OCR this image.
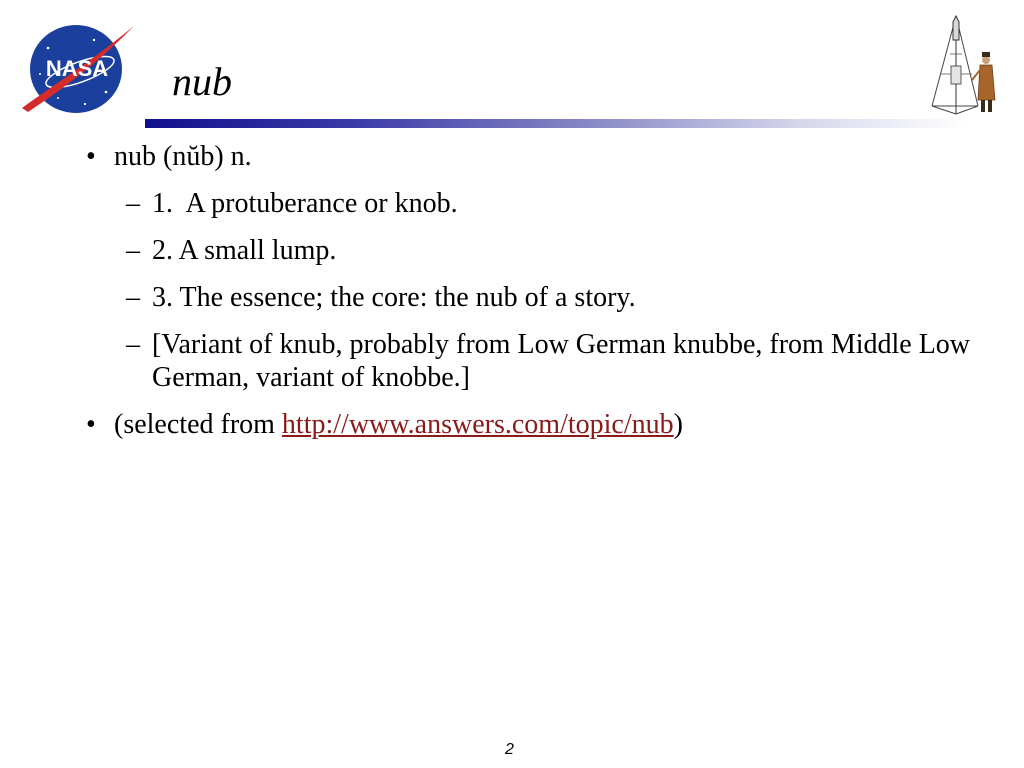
NASA nub
• nub (nŭb) n.
– 1.  A protuberance or knob.
– 2. A small lump.
– 3. The essence; the core: the nub of a story.
– [Variant of knub, probably from Low German knubbe, from Middle Low German, variant of knobbe.]
• (selected from http://www.answers.com/topic/nub)
2
